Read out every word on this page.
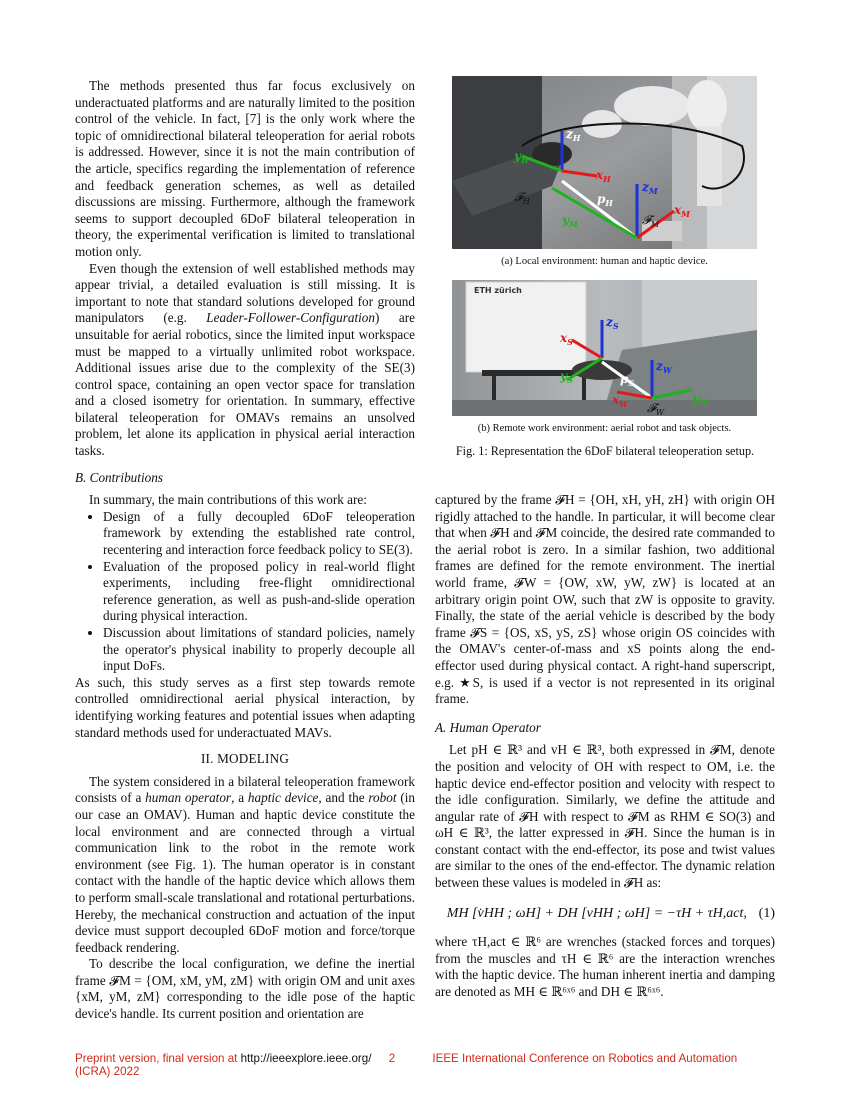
The methods presented thus far focus exclusively on underactuated platforms and are naturally limited to the position control of the vehicle. In fact, [7] is the only work where the topic of omnidirectional bilateral teleoperation for aerial robots is addressed. However, since it is not the main contribution of the article, specifics regarding the implementation of reference and feedback generation schemes, as well as detailed discussions are missing. Furthermore, although the framework seems to support decoupled 6DoF bilateral teleoperation in theory, the experimental verification is limited to translational motion only.

Even though the extension of well established methods may appear trivial, a detailed evaluation is still missing. It is important to note that standard solutions developed for ground manipulators (e.g. Leader-Follower-Configuration) are unsuitable for aerial robotics, since the limited input workspace must be mapped to a virtually unlimited robot workspace. Additional issues arise due to the complexity of the SE(3) control space, containing an open vector space for translation and a closed isometry for orientation. In summary, effective bilateral teleoperation for OMAVs remains an unsolved problem, let alone its application in physical aerial interaction tasks.

B. Contributions

In summary, the main contributions of this work are:

• Design of a fully decoupled 6DoF teleoperation framework by extending the established rate control, recentering and interaction force feedback policy to SE(3).
• Evaluation of the proposed policy in real-world flight experiments, including free-flight omnidirectional reference generation, as well as push-and-slide operation during physical interaction.
• Discussion about limitations of standard policies, namely the operator's physical inability to properly decouple all input DoFs.

As such, this study serves as a first step towards remote controlled omnidirectional aerial physical interaction, by identifying working features and potential issues when adapting standard methods used for underactuated MAVs.

II. MODELING

The system considered in a bilateral teleoperation framework consists of a human operator, a haptic device, and the robot (in our case an OMAV). Human and haptic device constitute the local environment and are connected through a virtual communication link to the robot in the remote work environment (see Fig. 1). The human operator is in constant contact with the handle of the haptic device which allows them to perform small-scale translational and rotational perturbations. Hereby, the mechanical construction and actuation of the input device must support decoupled 6DoF motion and force/torque feedback rendering.

To describe the local configuration, we define the inertial frame 𝓕M = {OM, xM, yM, zM} with origin OM and unit axes {xM, yM, zM} corresponding to the idle pose of the haptic device's handle. Its current position and orientation are

$z_H$
$x_H$
$y_H$
𝓕$_H$	$p_H$
$z_M$
$x_M$
$y_M$	𝓕$_M$
(a) Local environment: human and haptic device.
ETH zürich
$z_S$
$x_S$
$y_S$	$p_S$
$z_W$
$x_W$	$y_W$
𝓕$_W$
(b) Remote work environment: aerial robot and task objects.
Fig. 1: Representation the 6DoF bilateral teleoperation setup.

captured by the frame 𝓕H = {OH, xH, yH, zH} with origin OH rigidly attached to the handle. In particular, it will become clear that when 𝓕H and 𝓕M coincide, the desired rate commanded to the aerial robot is zero. In a similar fashion, two additional frames are defined for the remote environment. The inertial world frame, 𝓕W = {OW, xW, yW, zW} is located at an arbitrary origin point OW, such that zW is opposite to gravity. Finally, the state of the aerial vehicle is described by the body frame 𝓕S = {OS, xS, yS, zS} whose origin OS coincides with the OMAV's center-of-mass and xS points along the end-effector used during physical contact. A right-hand superscript, e.g. ★S, is used if a vector is not represented in its original frame.

A. Human Operator

Let pH ∈ ℝ³ and vH ∈ ℝ³, both expressed in 𝓕M, denote the position and velocity of OH with respect to OM, i.e. the haptic device end-effector position and velocity with respect to the idle configuration. Similarly, we define the attitude and angular rate of 𝓕H with respect to 𝓕M as RHM ∈ SO(3) and ωH ∈ ℝ³, the latter expressed in 𝓕H. Since the human is in constant contact with the end-effector, its pose and twist values are similar to the ones of the end-effector. The dynamic relation between these values is modeled in 𝓕H as:

MH [v̇HH ; ω̇H] + DH [vHH ; ωH] = −τH + τH,act, (1)

where τH,act ∈ ℝ⁶ are wrenches (stacked forces and torques) from the muscles and τH ∈ ℝ⁶ are the interaction wrenches with the haptic device. The human inherent inertia and damping are denoted as MH ∈ ℝ⁶ˣ⁶ and DH ∈ ℝ⁶ˣ⁶.

Preprint version, final version at http://ieeexplore.ieee.org/ 2	IEEE International Conference on Robotics and Automation (ICRA) 2022
